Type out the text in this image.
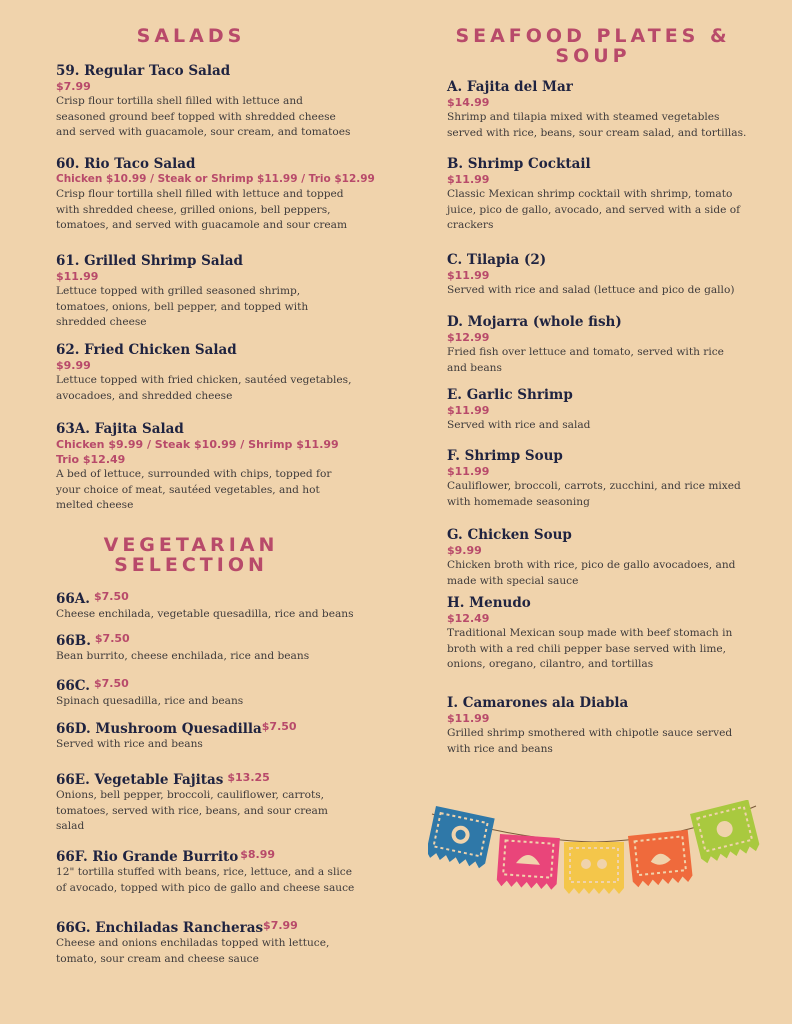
SALADS
59. Regular Taco Salad
$7.99
Crisp flour tortilla shell filled with lettuce and seasoned ground beef topped with shredded cheese and served with guacamole, sour cream, and tomatoes
60. Rio Taco Salad
Chicken $10.99 / Steak or Shrimp $11.99 / Trio $12.99
Crisp flour tortilla shell filled with lettuce and topped with shredded cheese, grilled onions, bell peppers, tomatoes, and served with guacamole and sour cream
61. Grilled Shrimp Salad
$11.99
Lettuce topped with grilled seasoned shrimp, tomatoes, onions, bell pepper, and topped with shredded cheese
62. Fried Chicken Salad
$9.99
Lettuce topped with fried chicken, sautéed vegetables, avocadoes, and shredded cheese
63A. Fajita Salad
Chicken $9.99 / Steak $10.99 / Shrimp $11.99
Trio $12.49
A bed of lettuce, surrounded with chips, topped for your choice of meat, sautéed vegetables, and hot melted cheese
VEGETARIAN
SELECTION
66A. $^{\$7.50}$
Cheese enchilada, vegetable quesadilla, rice and beans
66B. $^{\$7.50}$
Bean burrito, cheese enchilada, rice and beans
66C. $^{\$7.50}$
Spinach quesadilla, rice and beans
66D. Mushroom Quesadilla$^{\$7.50}$
Served with rice and beans
66E. Vegetable Fajitas $^{\$13.25}$
Onions, bell pepper, broccoli, cauliflower, carrots, tomatoes, served with rice, beans, and sour cream salad
66F. Rio Grande Burrito $^{\$8.99}$
12" tortilla stuffed with beans, rice, lettuce, and a slice of avocado, topped with pico de gallo and cheese sauce
66G. Enchiladas Rancheras$^{\$7.99}$
Cheese and onions enchiladas topped with lettuce, tomato, sour cream and cheese sauce
SEAFOOD PLATES &
SOUP
A. Fajita del Mar
$14.99
Shrimp and tilapia mixed with steamed vegetables served with rice, beans, sour cream salad, and tortillas.
B. Shrimp Cocktail
$11.99
Classic Mexican shrimp cocktail with shrimp, tomato juice, pico de gallo, avocado, and served with a side of crackers
C. Tilapia (2)
$11.99
Served with rice and salad (lettuce and pico de gallo)
D. Mojarra (whole fish)
$12.99
Fried fish over lettuce and tomato, served with rice and beans
E. Garlic Shrimp
$11.99
Served with rice and salad
F. Shrimp Soup
$11.99
Cauliflower, broccoli, carrots, zucchini, and rice mixed with homemade seasoning
G. Chicken Soup
$9.99
Chicken broth with rice, pico de gallo avocadoes, and made with special sauce
H. Menudo
$12.49
Traditional Mexican soup made with beef stomach in broth with a red chili pepper base served with lime, onions, oregano, cilantro, and tortillas
I. Camarones ala Diabla
$11.99
Grilled shrimp smothered with chipotle sauce served with rice and beans
